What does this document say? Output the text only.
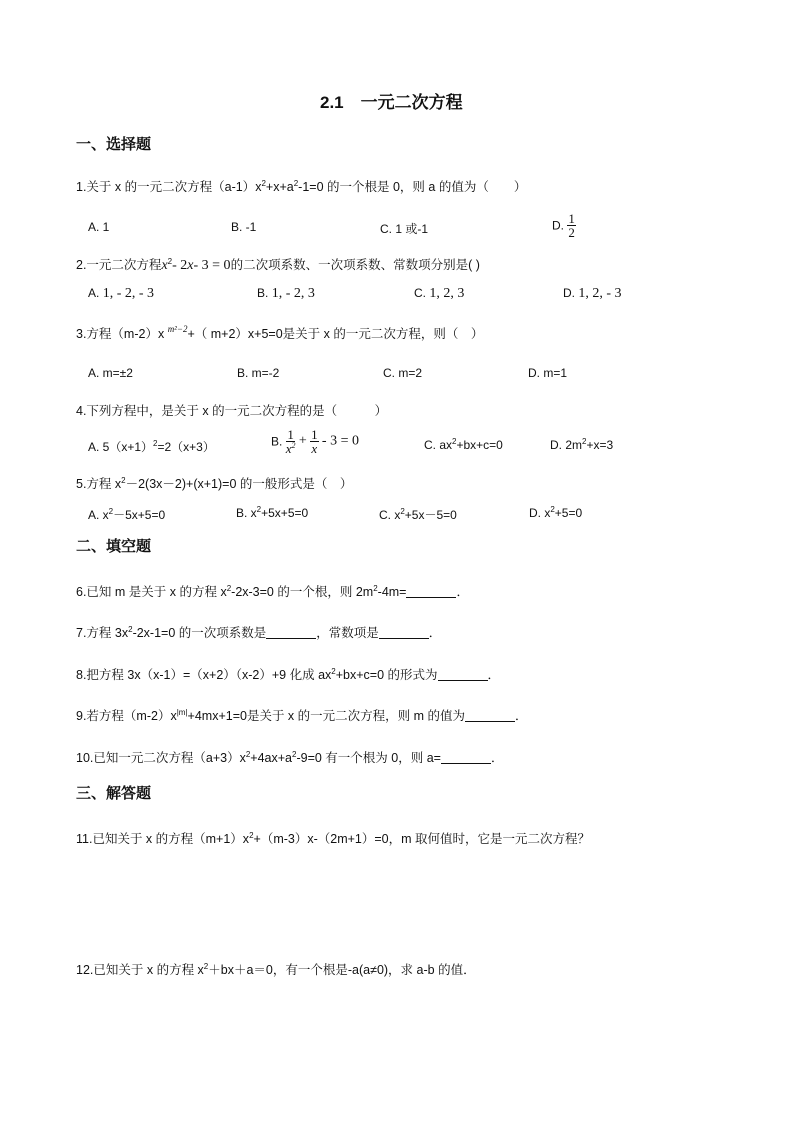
2.1　一元二次方程
一、选择题
1.关于 x 的一元二次方程$(a-1)x^2+x+a^2-1=0$ 的一个根是 0，则 a 的值为（　　）
A. 1	B. -1	C. 1 或-1	D. $\frac{1}{2}$
2.一元二次方程$x^2-$ 2x- 3 = 0的二次项系数、一次项系数、常数项分别是( )
A. 1, - 2, - 3	B. 1, - 2, 3	C. 1, 2, 3	D. 1, 2, - 3
3.方程（m-2）x $^{m^2-2}$+（ m+2）x+5=0是关于 x 的一元二次方程，则（　）
A. m=±2	B. m=-2	C. m=2	D. m=1
4.下列方程中，是关于 x 的一元二次方程的是（　　　）
A. $5(x+1)^2=2(x+3)$	B. $\frac{1}{x^2} + \frac{1}{x} - 3 = 0$	C. $ax^2+bx+c=0$	D. $2m^2+x=3$
5.方程 $x^2-2(3x-2)+(x+1)=0$ 的一般形式是（　）
A. $x^2-5x+5=0$	B. $x^2+5x+5=0$	C. $x^2+5x-5=0$	D. $x^2+5=0$
二、填空题
6.已知 m 是关于 x 的方程 $x^2-2x-3=0$ 的一个根，则 $2m^2-4m=$	．
7.方程 $3x^2-2x-1=0$ 的一次项系数是	，常数项是	．
8.把方程 3x（x-1）=（x+2）（x-2）+9 化成 $ax^2+bx+c=0$ 的形式为	．
9.若方程$(m-2)x^{|m|}+4mx+1=0$是关于 x 的一元二次方程，则 m 的值为	．
10.已知一元二次方程$(a+3)x^2+4ax+a^2-9=0$ 有一个根为 0，则 a=	．
三、解答题
11.已知关于 x 的方程$(m+1)x^2+(m-3)x-(2m+1)=0$，m 取何值时，它是一元二次方程？
12.已知关于 x 的方程 $x^2+bx+a=0$，有一个根是-a(a≠0)，求 a-b 的值．
